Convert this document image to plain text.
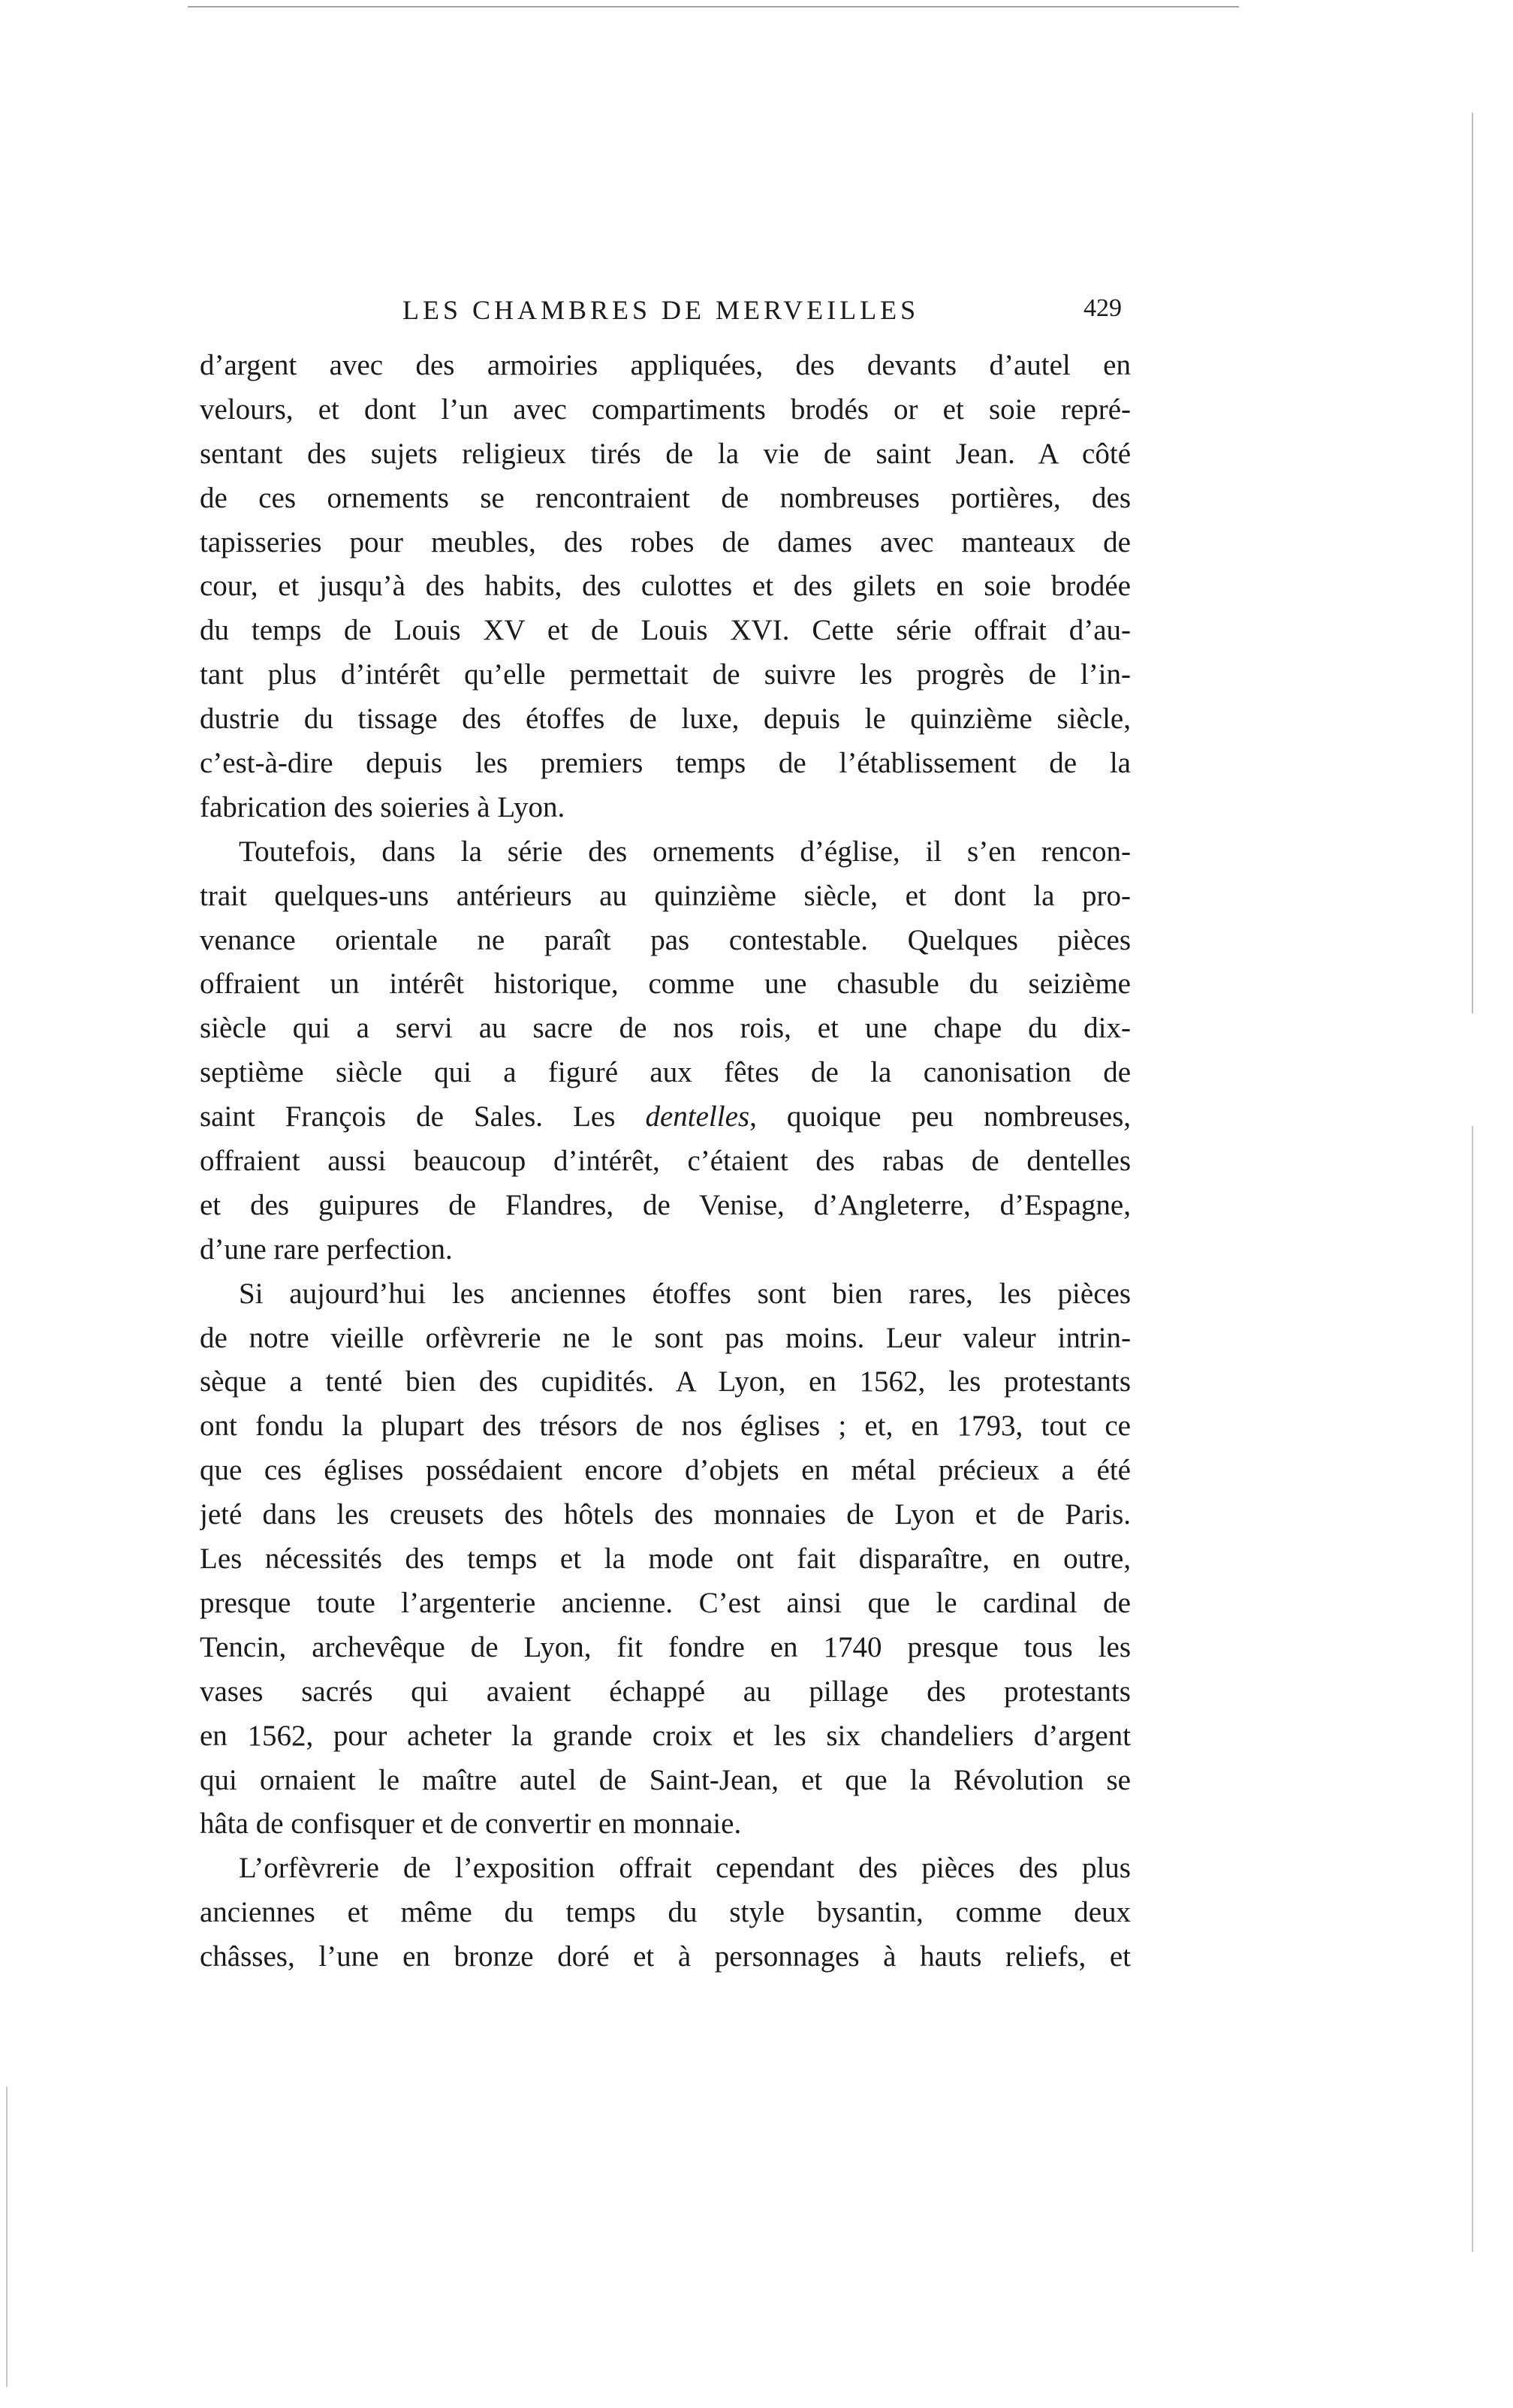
LES CHAMBRES DE MERVEILLES	429
d’argent avec des armoiries appliquées, des devants d’autel en
velours, et dont l’un avec compartiments brodés or et soie repré-
sentant des sujets religieux tirés de la vie de saint Jean. A côté
de ces ornements se rencontraient de nombreuses portières, des
tapisseries pour meubles, des robes de dames avec manteaux de
cour, et jusqu’à des habits, des culottes et des gilets en soie brodée
du temps de Louis XV et de Louis XVI. Cette série offrait d’au-
tant plus d’intérêt qu’elle permettait de suivre les progrès de l’in-
dustrie du tissage des étoffes de luxe, depuis le quinzième siècle,
c’est-à-dire depuis les premiers temps de l’établissement de la
fabrication des soieries à Lyon.
Toutefois, dans la série des ornements d’église, il s’en rencon-
trait quelques-uns antérieurs au quinzième siècle, et dont la pro-
venance orientale ne paraît pas contestable. Quelques pièces
offraient un intérêt historique, comme une chasuble du seizième
siècle qui a servi au sacre de nos rois, et une chape du dix-
septième siècle qui a figuré aux fêtes de la canonisation de
saint François de Sales. Les dentelles, quoique peu nombreuses,
offraient aussi beaucoup d’intérêt, c’étaient des rabas de dentelles
et des guipures de Flandres, de Venise, d’Angleterre, d’Espagne,
d’une rare perfection.
Si aujourd’hui les anciennes étoffes sont bien rares, les pièces
de notre vieille orfèvrerie ne le sont pas moins. Leur valeur intrin-
sèque a tenté bien des cupidités. A Lyon, en 1562, les protestants
ont fondu la plupart des trésors de nos églises ; et, en 1793, tout ce
que ces églises possédaient encore d’objets en métal précieux a été
jeté dans les creusets des hôtels des monnaies de Lyon et de Paris.
Les nécessités des temps et la mode ont fait disparaître, en outre,
presque toute l’argenterie ancienne. C’est ainsi que le cardinal de
Tencin, archevêque de Lyon, fit fondre en 1740 presque tous les
vases sacrés qui avaient échappé au pillage des protestants
en 1562, pour acheter la grande croix et les six chandeliers d’argent
qui ornaient le maître autel de Saint-Jean, et que la Révolution se
hâta de confisquer et de convertir en monnaie.
L’orfèvrerie de l’exposition offrait cependant des pièces des plus
anciennes et même du temps du style bysantin, comme deux
châsses, l’une en bronze doré et à personnages à hauts reliefs, et
